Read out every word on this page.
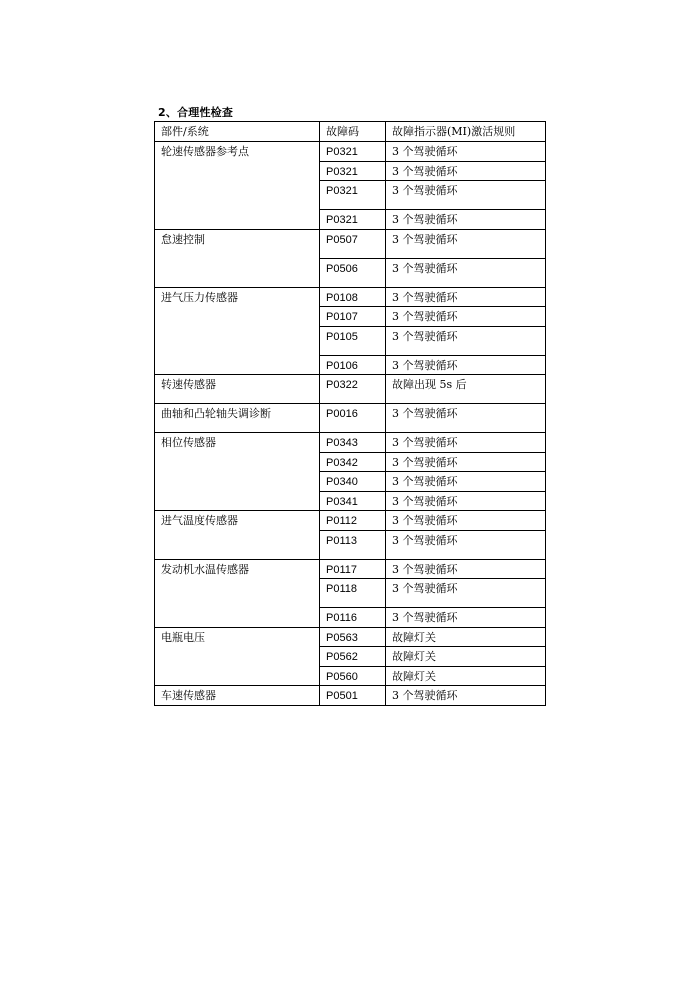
2、合理性检查
部件/系统	故障码	故障指示器(MI)激活规则

轮速传感器参考点	P0321	3 个驾驶循环

	P0321	3 个驾驶循环

	P0321	3 个驾驶循环

	P0321	3 个驾驶循环

怠速控制	P0507	3 个驾驶循环

	P0506	3 个驾驶循环

进气压力传感器	P0108	3 个驾驶循环

	P0107	3 个驾驶循环

	P0105	3 个驾驶循环

	P0106	3 个驾驶循环

转速传感器	P0322	故障出现 5s 后

曲轴和凸轮轴失调诊断	P0016	3 个驾驶循环

相位传感器	P0343	3 个驾驶循环

	P0342	3 个驾驶循环

	P0340	3 个驾驶循环

	P0341	3 个驾驶循环

进气温度传感器	P0112	3 个驾驶循环

	P0113	3 个驾驶循环

发动机水温传感器	P0117	3 个驾驶循环

	P0118	3 个驾驶循环

	P0116	3 个驾驶循环

电瓶电压	P0563	故障灯关

	P0562	故障灯关

	P0560	故障灯关

车速传感器	P0501	3 个驾驶循环
